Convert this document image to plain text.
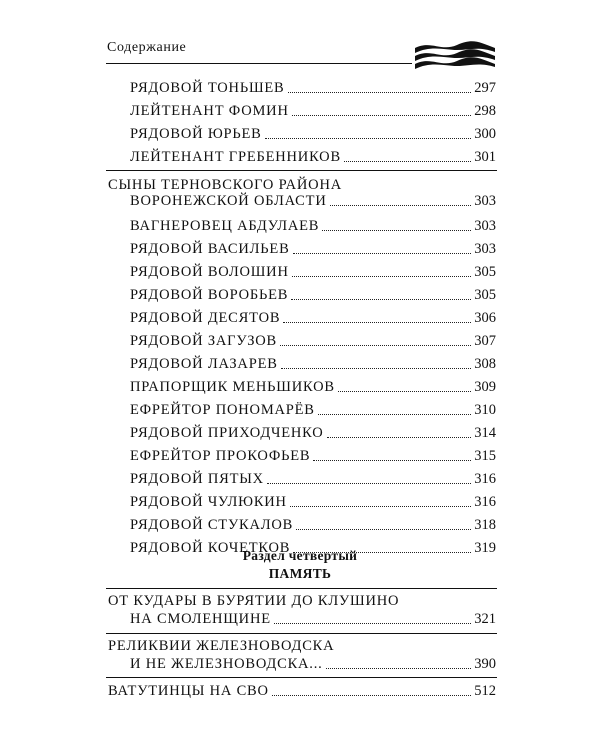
Содержание
РЯДОВОЙ ТОНЬШЕВ	297
ЛЕЙТЕНАНТ ФОМИН	298
РЯДОВОЙ ЮРЬЕВ	300
ЛЕЙТЕНАНТ ГРЕБЕННИКОВ	301
СЫНЫ ТЕРНОВСКОГО РАЙОНА
ВОРОНЕЖСКОЙ ОБЛАСТИ	303
ВАГНЕРОВЕЦ АБДУЛАЕВ	303
РЯДОВОЙ ВАСИЛЬЕВ	303
РЯДОВОЙ ВОЛОШИН	305
РЯДОВОЙ ВОРОБЬЕВ	305
РЯДОВОЙ ДЕСЯТОВ	306
РЯДОВОЙ ЗАГУЗОВ	307
РЯДОВОЙ ЛАЗАРЕВ	308
ПРАПОРЩИК МЕНЬШИКОВ	309
ЕФРЕЙТОР ПОНОМАРЁВ	310
РЯДОВОЙ ПРИХОДЧЕНКО	314
ЕФРЕЙТОР ПРОКОФЬЕВ	315
РЯДОВОЙ ПЯТЫХ	316
РЯДОВОЙ ЧУЛЮКИН	316
РЯДОВОЙ СТУКАЛОВ	318
РЯДОВОЙ КОЧЕТКОВ	319
Раздел четвертый
ПАМЯТЬ
ОТ КУДАРЫ В БУРЯТИИ ДО КЛУШИНО
НА СМОЛЕНЩИНЕ	321
РЕЛИКВИИ ЖЕЛЕЗНОВОДСКА
И НЕ ЖЕЛЕЗНОВОДСКА...	390
ВАТУТИНЦЫ НА СВО	512
